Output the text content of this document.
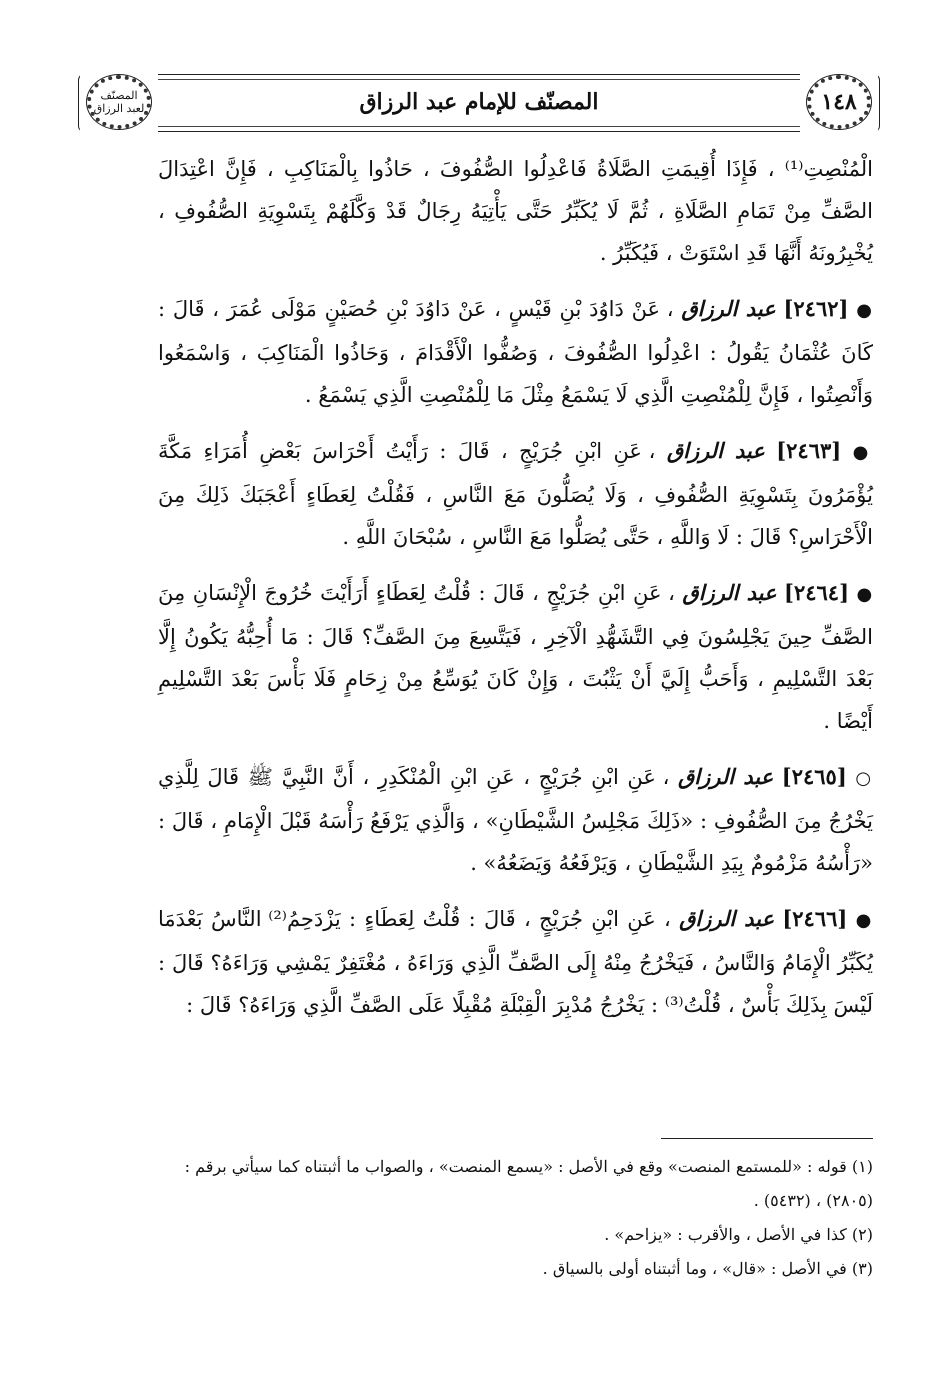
المصنّف
لعبد الرزاق	المصنّف للإمام عبد الرزاق	١٤٨

الْمُنْصِتِ⁽¹⁾ ، فَإِذَا أُقِيمَتِ الصَّلَاةُ فَاعْدِلُوا الصُّفُوفَ ، حَاذُوا بِالْمَنَاكِبِ ، فَإِنَّ اعْتِدَالَ الصَّفِّ مِنْ تَمَامِ الصَّلَاةِ ، ثُمَّ لَا يُكَبِّرُ حَتَّى يَأْتِيَهُ رِجَالٌ قَدْ وَكَّلَهُمْ بِتَسْوِيَةِ الصُّفُوفِ ، يُخْبِرُونَهُ أَنَّهَا قَدِ اسْتَوَتْ ، فَيُكَبِّرُ .

● [٢٤٦٢] عبد الرزاق ، عَنْ دَاوُدَ بْنِ قَيْسٍ ، عَنْ دَاوُدَ بْنِ حُصَيْنٍ مَوْلَى عُمَرَ ، قَالَ : كَانَ عُثْمَانُ يَقُولُ : اعْدِلُوا الصُّفُوفَ ، وَصُفُّوا الْأَقْدَامَ ، وَحَاذُوا الْمَنَاكِبَ ، وَاسْمَعُوا وَأَنْصِتُوا ، فَإِنَّ لِلْمُنْصِتِ الَّذِي لَا يَسْمَعُ مِثْلَ مَا لِلْمُنْصِتِ الَّذِي يَسْمَعُ .

● [٢٤٦٣] عبد الرزاق ، عَنِ ابْنِ جُرَيْجٍ ، قَالَ : رَأَيْتُ أَحْرَاسَ بَعْضِ أُمَرَاءِ مَكَّةَ يُؤْمَرُونَ بِتَسْوِيَةِ الصُّفُوفِ ، وَلَا يُصَلُّونَ مَعَ النَّاسِ ، فَقُلْتُ لِعَطَاءٍ أَعْجَبَكَ ذَلِكَ مِنَ الْأَحْرَاسِ؟ قَالَ : لَا وَاللَّهِ ، حَتَّى يُصَلُّوا مَعَ النَّاسِ ، سُبْحَانَ اللَّهِ .

● [٢٤٦٤] عبد الرزاق ، عَنِ ابْنِ جُرَيْجٍ ، قَالَ : قُلْتُ لِعَطَاءٍ أَرَأَيْتَ خُرُوجَ الْإِنْسَانِ مِنَ الصَّفِّ حِينَ يَجْلِسُونَ فِي التَّشَهُّدِ الْآخِرِ ، فَيَتَّسِعَ مِنَ الصَّفِّ؟ قَالَ : مَا أُحِبُّهُ يَكُونُ إِلَّا بَعْدَ التَّسْلِيمِ ، وَأَحَبُّ إِلَيَّ أَنْ يَثْبُتَ ، وَإِنْ كَانَ يُوَسِّعُ مِنْ زِحَامٍ فَلَا بَأْسَ بَعْدَ التَّسْلِيمِ أَيْضًا .

○ [٢٤٦٥] عبد الرزاق ، عَنِ ابْنِ جُرَيْجٍ ، عَنِ ابْنِ الْمُنْكَدِرِ ، أَنَّ النَّبِيَّ ﷺ قَالَ لِلَّذِي يَخْرُجُ مِنَ الصُّفُوفِ : «ذَلِكَ مَجْلِسُ الشَّيْطَانِ» ، وَالَّذِي يَرْفَعُ رَأْسَهُ قَبْلَ الْإِمَامِ ، قَالَ : «رَأْسُهُ مَزْمُومٌ بِيَدِ الشَّيْطَانِ ، وَيَرْفَعُهُ وَيَضَعُهُ» .

● [٢٤٦٦] عبد الرزاق ، عَنِ ابْنِ جُرَيْجٍ ، قَالَ : قُلْتُ لِعَطَاءٍ : يَزْدَحِمُ⁽²⁾ النَّاسُ بَعْدَمَا يُكَبِّرُ الْإِمَامُ وَالنَّاسُ ، فَيَخْرُجُ مِنْهُ إِلَى الصَّفِّ الَّذِي وَرَاءَهُ ، مُغْتَفِرٌ يَمْشِي وَرَاءَهُ؟ قَالَ : لَيْسَ بِذَلِكَ بَأْسٌ ، قُلْتُ⁽³⁾ : يَخْرُجُ مُدْبِرَ الْقِبْلَةِ مُقْبِلًا عَلَى الصَّفِّ الَّذِي وَرَاءَهُ؟ قَالَ :

(١) قوله : «للمستمع المنصت» وقع في الأصل : «يسمع المنصت» ، والصواب ما أثبتناه كما سيأتي برقم : (٢٨٠٥) ، (٥٤٣٢) .

(٢) كذا في الأصل ، والأقرب : «يزاحم» .

(٣) في الأصل : «قال» ، وما أثبتناه أولى بالسياق .
